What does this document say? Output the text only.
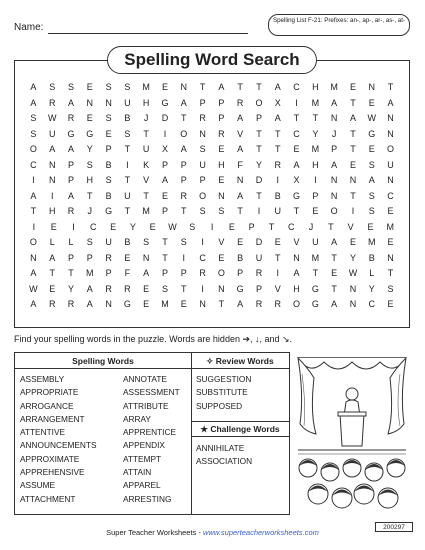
Name:
Spelling List F-21: Prefixes: an-, ap-, ar-, as-, at-
Spelling Word Search
A	S	S	E	S	S	M	E	N	T	A	T	T	A	C	H	M	E	N	T
A	R	A	N	N	U	H	G	A	P	P	R	O	X	I	M	A	T	E	A
S	W	R	E	S	B	J	D	T	R	P	A	P	A	T	T	N	A	W	N
S	U	G	G	E	S	T	I	O	N	R	V	T	T	C	Y	J	T	G	N
O	A	A	Y	P	T	U	X	A	S	E	A	T	T	E	M	P	T	E	O
C	N	P	S	B	I	K	P	P	U	H	F	Y	R	A	H	A	E	S	U
I	N	P	H	S	T	V	A	P	P	E	N	D	I	X	I	N	N	A	N
A	I	A	T	B	U	T	E	R	O	N	A	T	B	G	P	N	T	S	C
T	H	R	J	G	T	M	P	T	S	S	T	I	U	T	E	O	I	S	E
I	E	I	C	E	Y	E	W	S	I	E	P	T	C	J	T	V	E	M
O	L	L	S	U	B	S	T	S	I	V	E	D	E	V	U	A	E	M	E
N	A	P	P	R	E	N	T	I	C	E	B	U	T	N	M	T	Y	B	N
A	T	T	M	P	F	A	P	P	R	O	P	R	I	A	T	E	W	L	T
W	E	Y	A	R	R	E	S	T	I	N	G	P	V	H	G	T	N	Y	S
A	R	R	A	N	G	E	M	E	N	T	A	R	R	O	G	A	N	C	E
Find your spelling words in the puzzle. Words are hidden ➔, ↓, and ↘.
Spelling Words	✧ Review Words
★ Challenge Words
ASSEMBLY
APPROPRIATE
ARROGANCE
ARRANGEMENT
ATTENTIVE
ANNOUNCEMENTS
APPROXIMATE
APPREHENSIVE
ASSUME
ATTACHMENT
ANNOTATE
ASSESSMENT
ATTRIBUTE
ARRAY
APPRENTICE
APPENDIX
ATTEMPT
ATTAIN
APPAREL
ARRESTING
SUGGESTION
SUBSTITUTE
SUPPOSED
ANNIHILATE
ASSOCIATION
Super Teacher Worksheets - www.superteacherworksheets.com
200297
